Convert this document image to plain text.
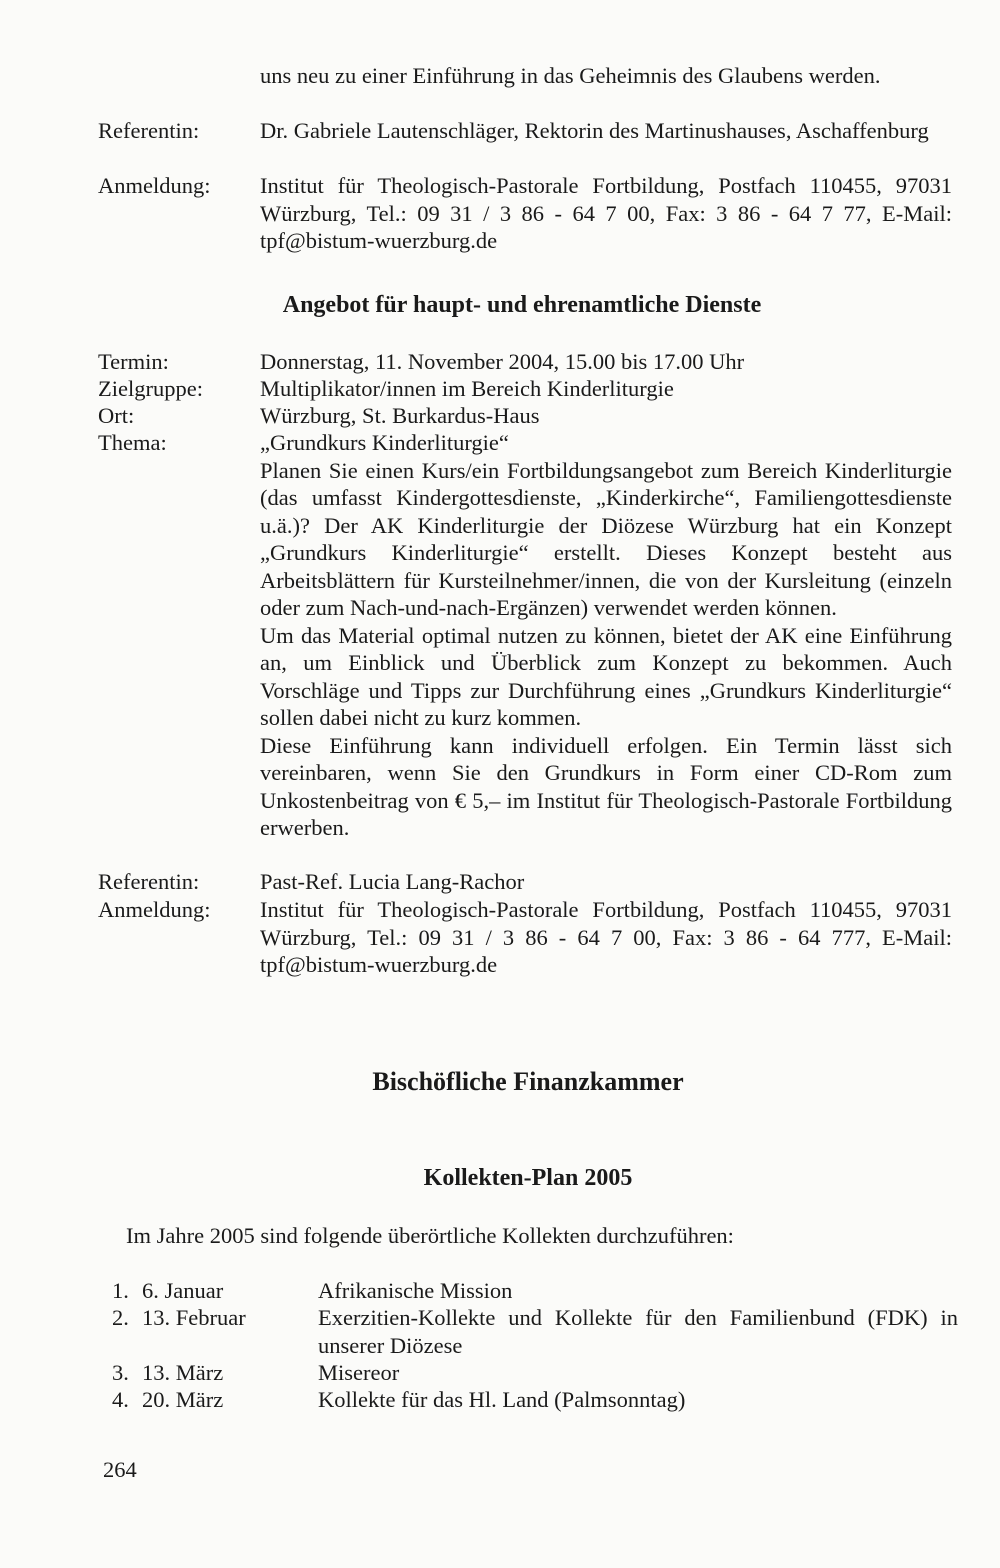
uns neu zu einer Einführung in das Geheimnis des Glaubens werden.
Referentin:	Dr. Gabriele Lautenschläger, Rektorin des Martinushauses, Aschaffenburg
Anmeldung:	Institut für Theologisch-Pastorale Fortbildung, Postfach 110455, 97031 Würzburg, Tel.: 09 31 / 3 86 - 64 7 00, Fax: 3 86 - 64 7 77, E-Mail: tpf@bistum-wuerzburg.de
Angebot für haupt- und ehrenamtliche Dienste
Termin:	Donnerstag, 11. November 2004, 15.00 bis 17.00 Uhr
Zielgruppe:	Multiplikator/innen im Bereich Kinderliturgie
Ort:	Würzburg, St. Burkardus-Haus
Thema:	„Grundkurs Kinderliturgie“

Planen Sie einen Kurs/ein Fortbildungsangebot zum Bereich Kinderliturgie (das umfasst Kindergottesdienste, „Kinderkirche“, Familiengottesdienste u.ä.)? Der AK Kinderliturgie der Diözese Würzburg hat ein Konzept „Grundkurs Kinderliturgie“ erstellt. Dieses Konzept besteht aus Arbeitsblättern für Kursteilnehmer/innen, die von der Kursleitung (einzeln oder zum Nach-und-nach-Ergänzen) verwendet werden können.

Um das Material optimal nutzen zu können, bietet der AK eine Einführung an, um Einblick und Überblick zum Konzept zu bekommen. Auch Vorschläge und Tipps zur Durchführung eines „Grundkurs Kinderliturgie“ sollen dabei nicht zu kurz kommen.

Diese Einführung kann individuell erfolgen. Ein Termin lässt sich vereinbaren, wenn Sie den Grundkurs in Form einer CD-Rom zum Unkostenbeitrag von € 5,– im Institut für Theologisch-Pastorale Fortbildung erwerben.

Referentin:	Past-Ref. Lucia Lang-Rachor
Anmeldung:	Institut für Theologisch-Pastorale Fortbildung, Postfach 110455, 97031 Würzburg, Tel.: 09 31 / 3 86 - 64 7 00, Fax: 3 86 - 64 777, E-Mail: tpf@bistum-wuerzburg.de
Bischöfliche Finanzkammer
Kollekten-Plan 2005
Im Jahre 2005 sind folgende überörtliche Kollekten durchzuführen:
1. 6. Januar	Afrikanische Mission
2. 13. Februar	Exerzitien-Kollekte und Kollekte für den Familienbund (FDK) in unserer Diözese
3. 13. März	Misereor
4. 20. März	Kollekte für das Hl. Land (Palmsonntag)
264
